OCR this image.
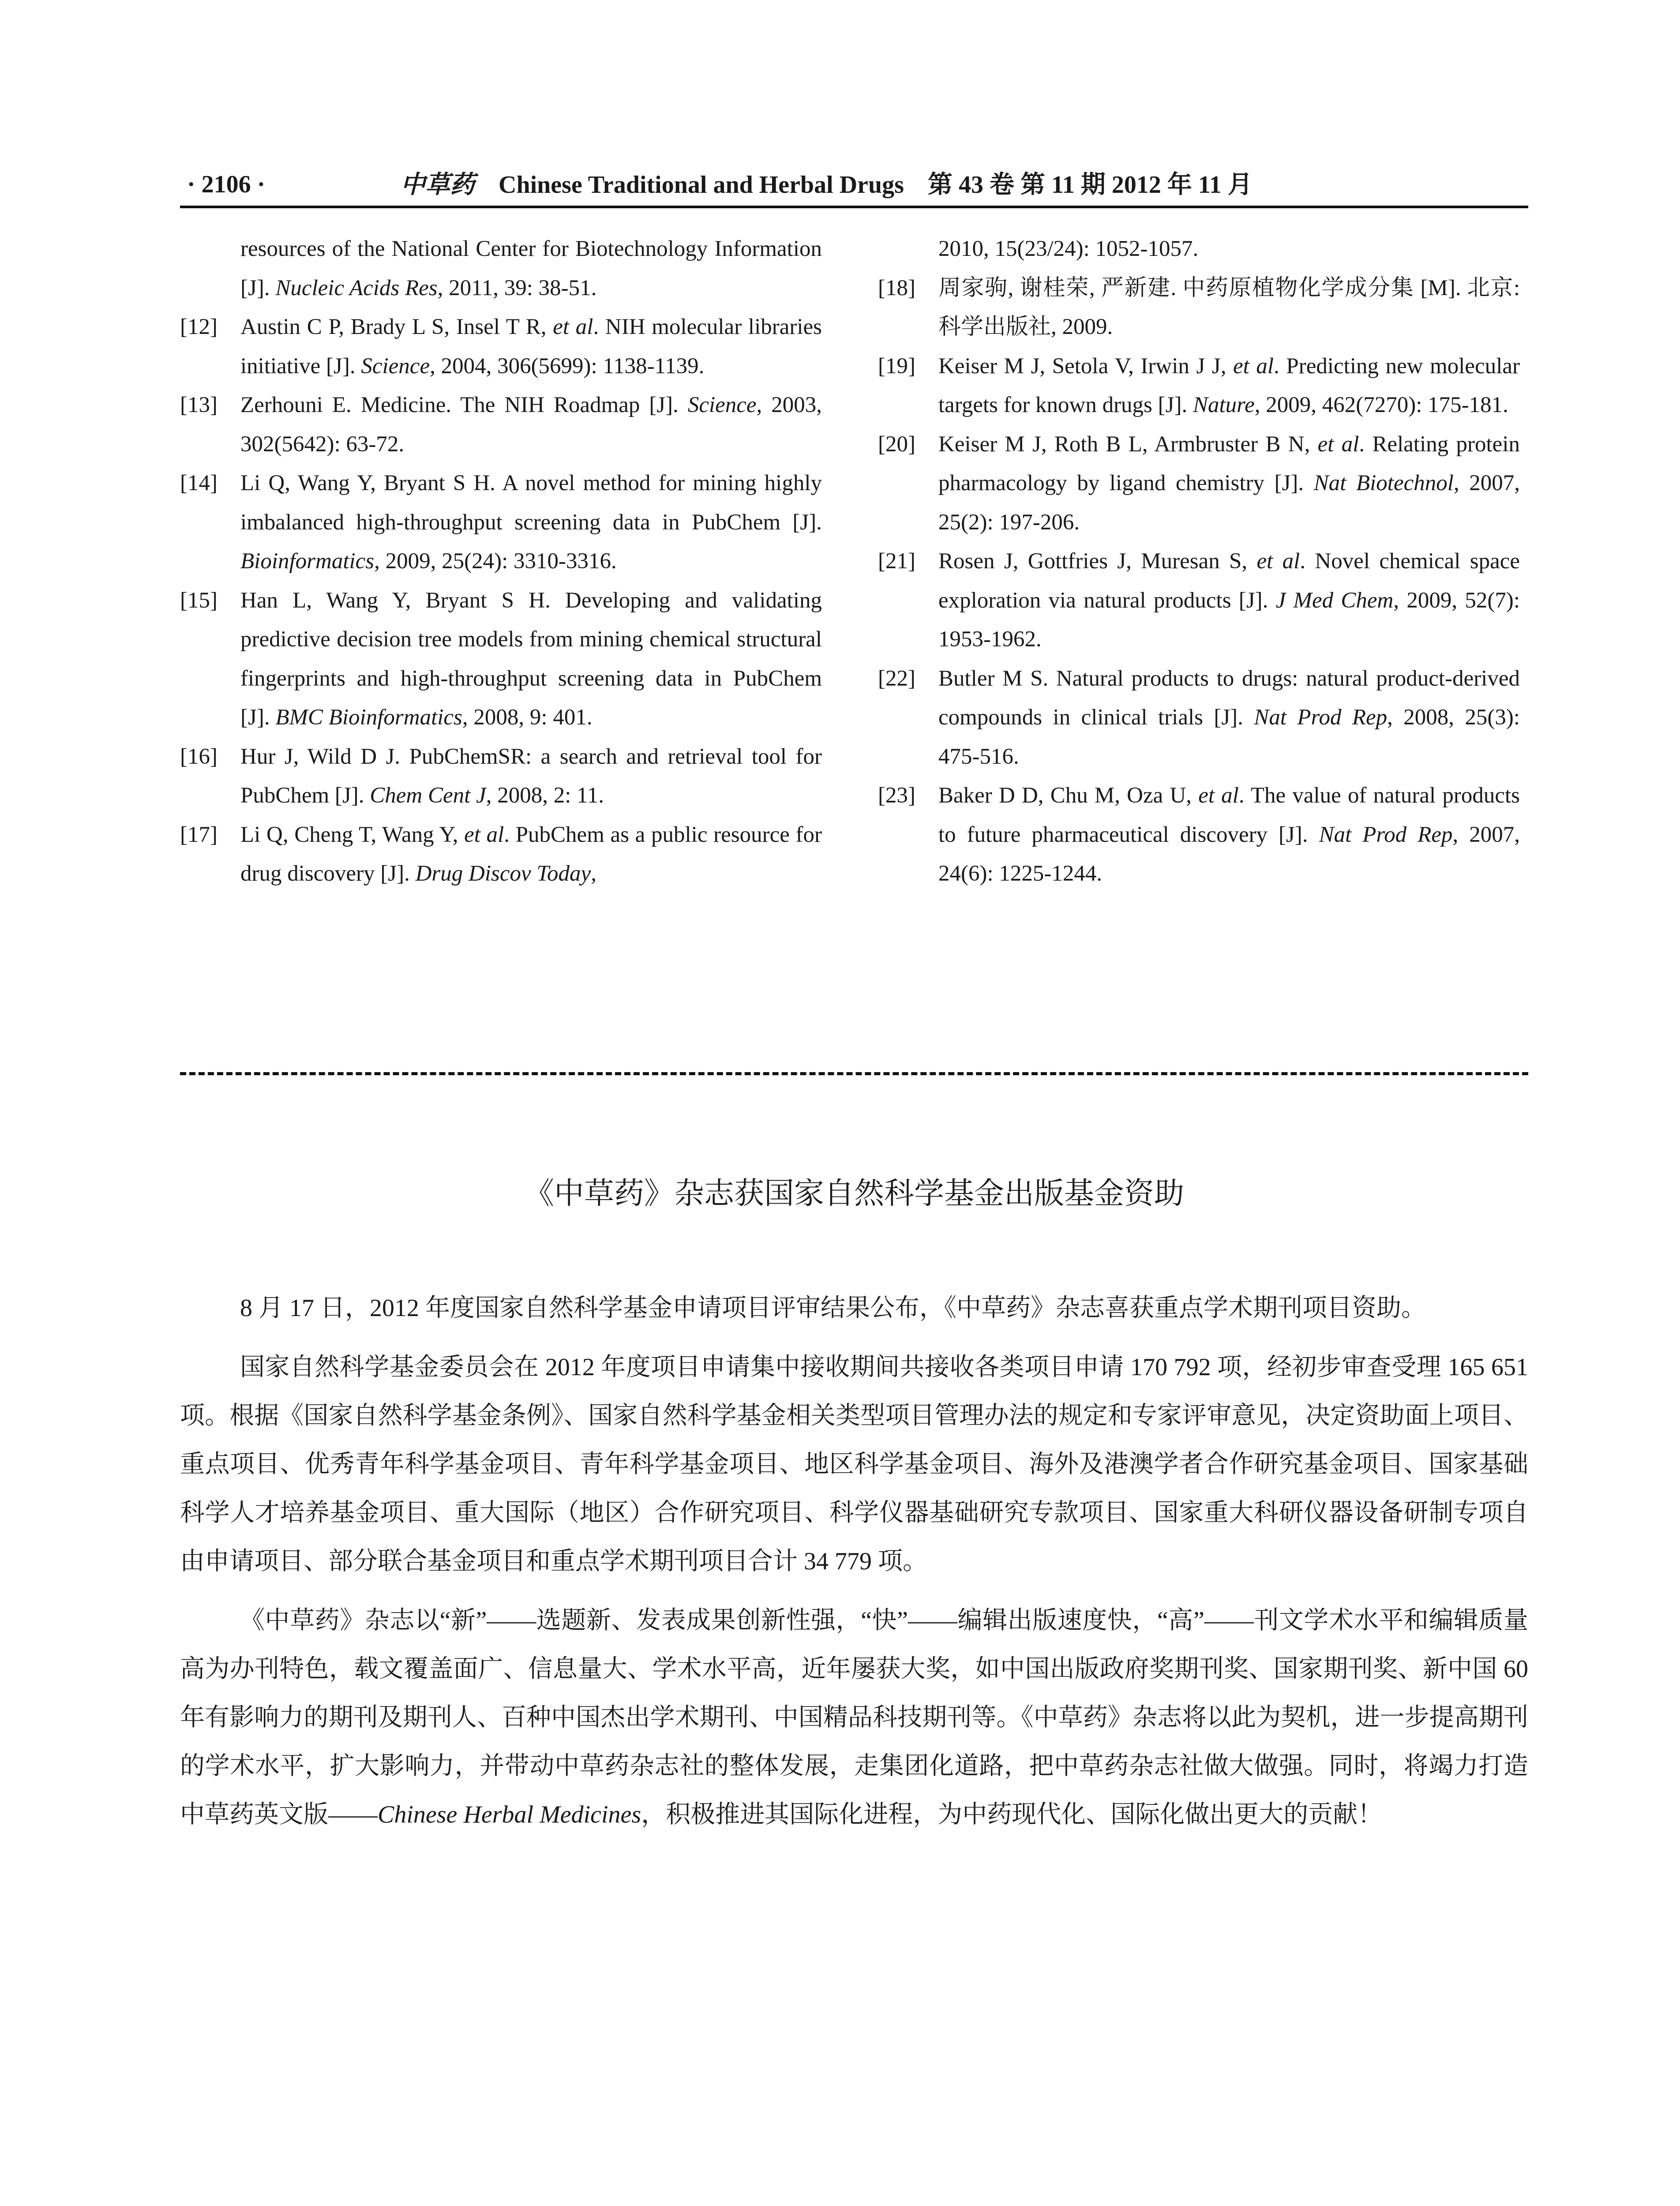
· 2106 ·	中草药 Chinese Traditional and Herbal Drugs 第 43 卷 第 11 期 2012 年 11 月
resources of the National Center for Biotechnology Information [J]. Nucleic Acids Res, 2011, 39: 38-51.
[12]	Austin C P, Brady L S, Insel T R, et al. NIH molecular libraries initiative [J]. Science, 2004, 306(5699): 1138-1139.
[13]	Zerhouni E. Medicine. The NIH Roadmap [J]. Science, 2003, 302(5642): 63-72.
[14]	Li Q, Wang Y, Bryant S H. A novel method for mining highly imbalanced high-throughput screening data in PubChem [J]. Bioinformatics, 2009, 25(24): 3310-3316.
[15]	Han L, Wang Y, Bryant S H. Developing and validating predictive decision tree models from mining chemical structural fingerprints and high-throughput screening data in PubChem [J]. BMC Bioinformatics, 2008, 9: 401.
[16]	Hur J, Wild D J. PubChemSR: a search and retrieval tool for PubChem [J]. Chem Cent J, 2008, 2: 11.
[17]	Li Q, Cheng T, Wang Y, et al. PubChem as a public resource for drug discovery [J]. Drug Discov Today,
2010, 15(23/24): 1052-1057.
[18]	周家驹, 谢桂荣, 严新建. 中药原植物化学成分集 [M]. 北京: 科学出版社, 2009.
[19]	Keiser M J, Setola V, Irwin J J, et al. Predicting new molecular targets for known drugs [J]. Nature, 2009, 462(7270): 175-181.
[20]	Keiser M J, Roth B L, Armbruster B N, et al. Relating protein pharmacology by ligand chemistry [J]. Nat Biotechnol, 2007, 25(2): 197-206.
[21]	Rosen J, Gottfries J, Muresan S, et al. Novel chemical space exploration via natural products [J]. J Med Chem, 2009, 52(7): 1953-1962.
[22]	Butler M S. Natural products to drugs: natural product-derived compounds in clinical trials [J]. Nat Prod Rep, 2008, 25(3): 475-516.
[23]	Baker D D, Chu M, Oza U, et al. The value of natural products to future pharmaceutical discovery [J]. Nat Prod Rep, 2007, 24(6): 1225-1244.
《中草药》杂志获国家自然科学基金出版基金资助

8 月 17 日，2012 年度国家自然科学基金申请项目评审结果公布，《中草药》杂志喜获重点学术期刊项目资助。

国家自然科学基金委员会在 2012 年度项目申请集中接收期间共接收各类项目申请 170 792 项，经初步审查受理 165 651 项。根据《国家自然科学基金条例》、国家自然科学基金相关类型项目管理办法的规定和专家评审意见，决定资助面上项目、重点项目、优秀青年科学基金项目、青年科学基金项目、地区科学基金项目、海外及港澳学者合作研究基金项目、国家基础科学人才培养基金项目、重大国际（地区）合作研究项目、科学仪器基础研究专款项目、国家重大科研仪器设备研制专项自由申请项目、部分联合基金项目和重点学术期刊项目合计 34 779 项。

《中草药》杂志以“新”——选题新、发表成果创新性强，“快”——编辑出版速度快，“高”——刊文学术水平和编辑质量高为办刊特色，载文覆盖面广、信息量大、学术水平高，近年屡获大奖，如中国出版政府奖期刊奖、国家期刊奖、新中国 60 年有影响力的期刊及期刊人、百种中国杰出学术期刊、中国精品科技期刊等。《中草药》杂志将以此为契机，进一步提高期刊的学术水平，扩大影响力，并带动中草药杂志社的整体发展，走集团化道路，把中草药杂志社做大做强。同时，将竭力打造中草药英文版——Chinese Herbal Medicines，积极推进其国际化进程，为中药现代化、国际化做出更大的贡献！
